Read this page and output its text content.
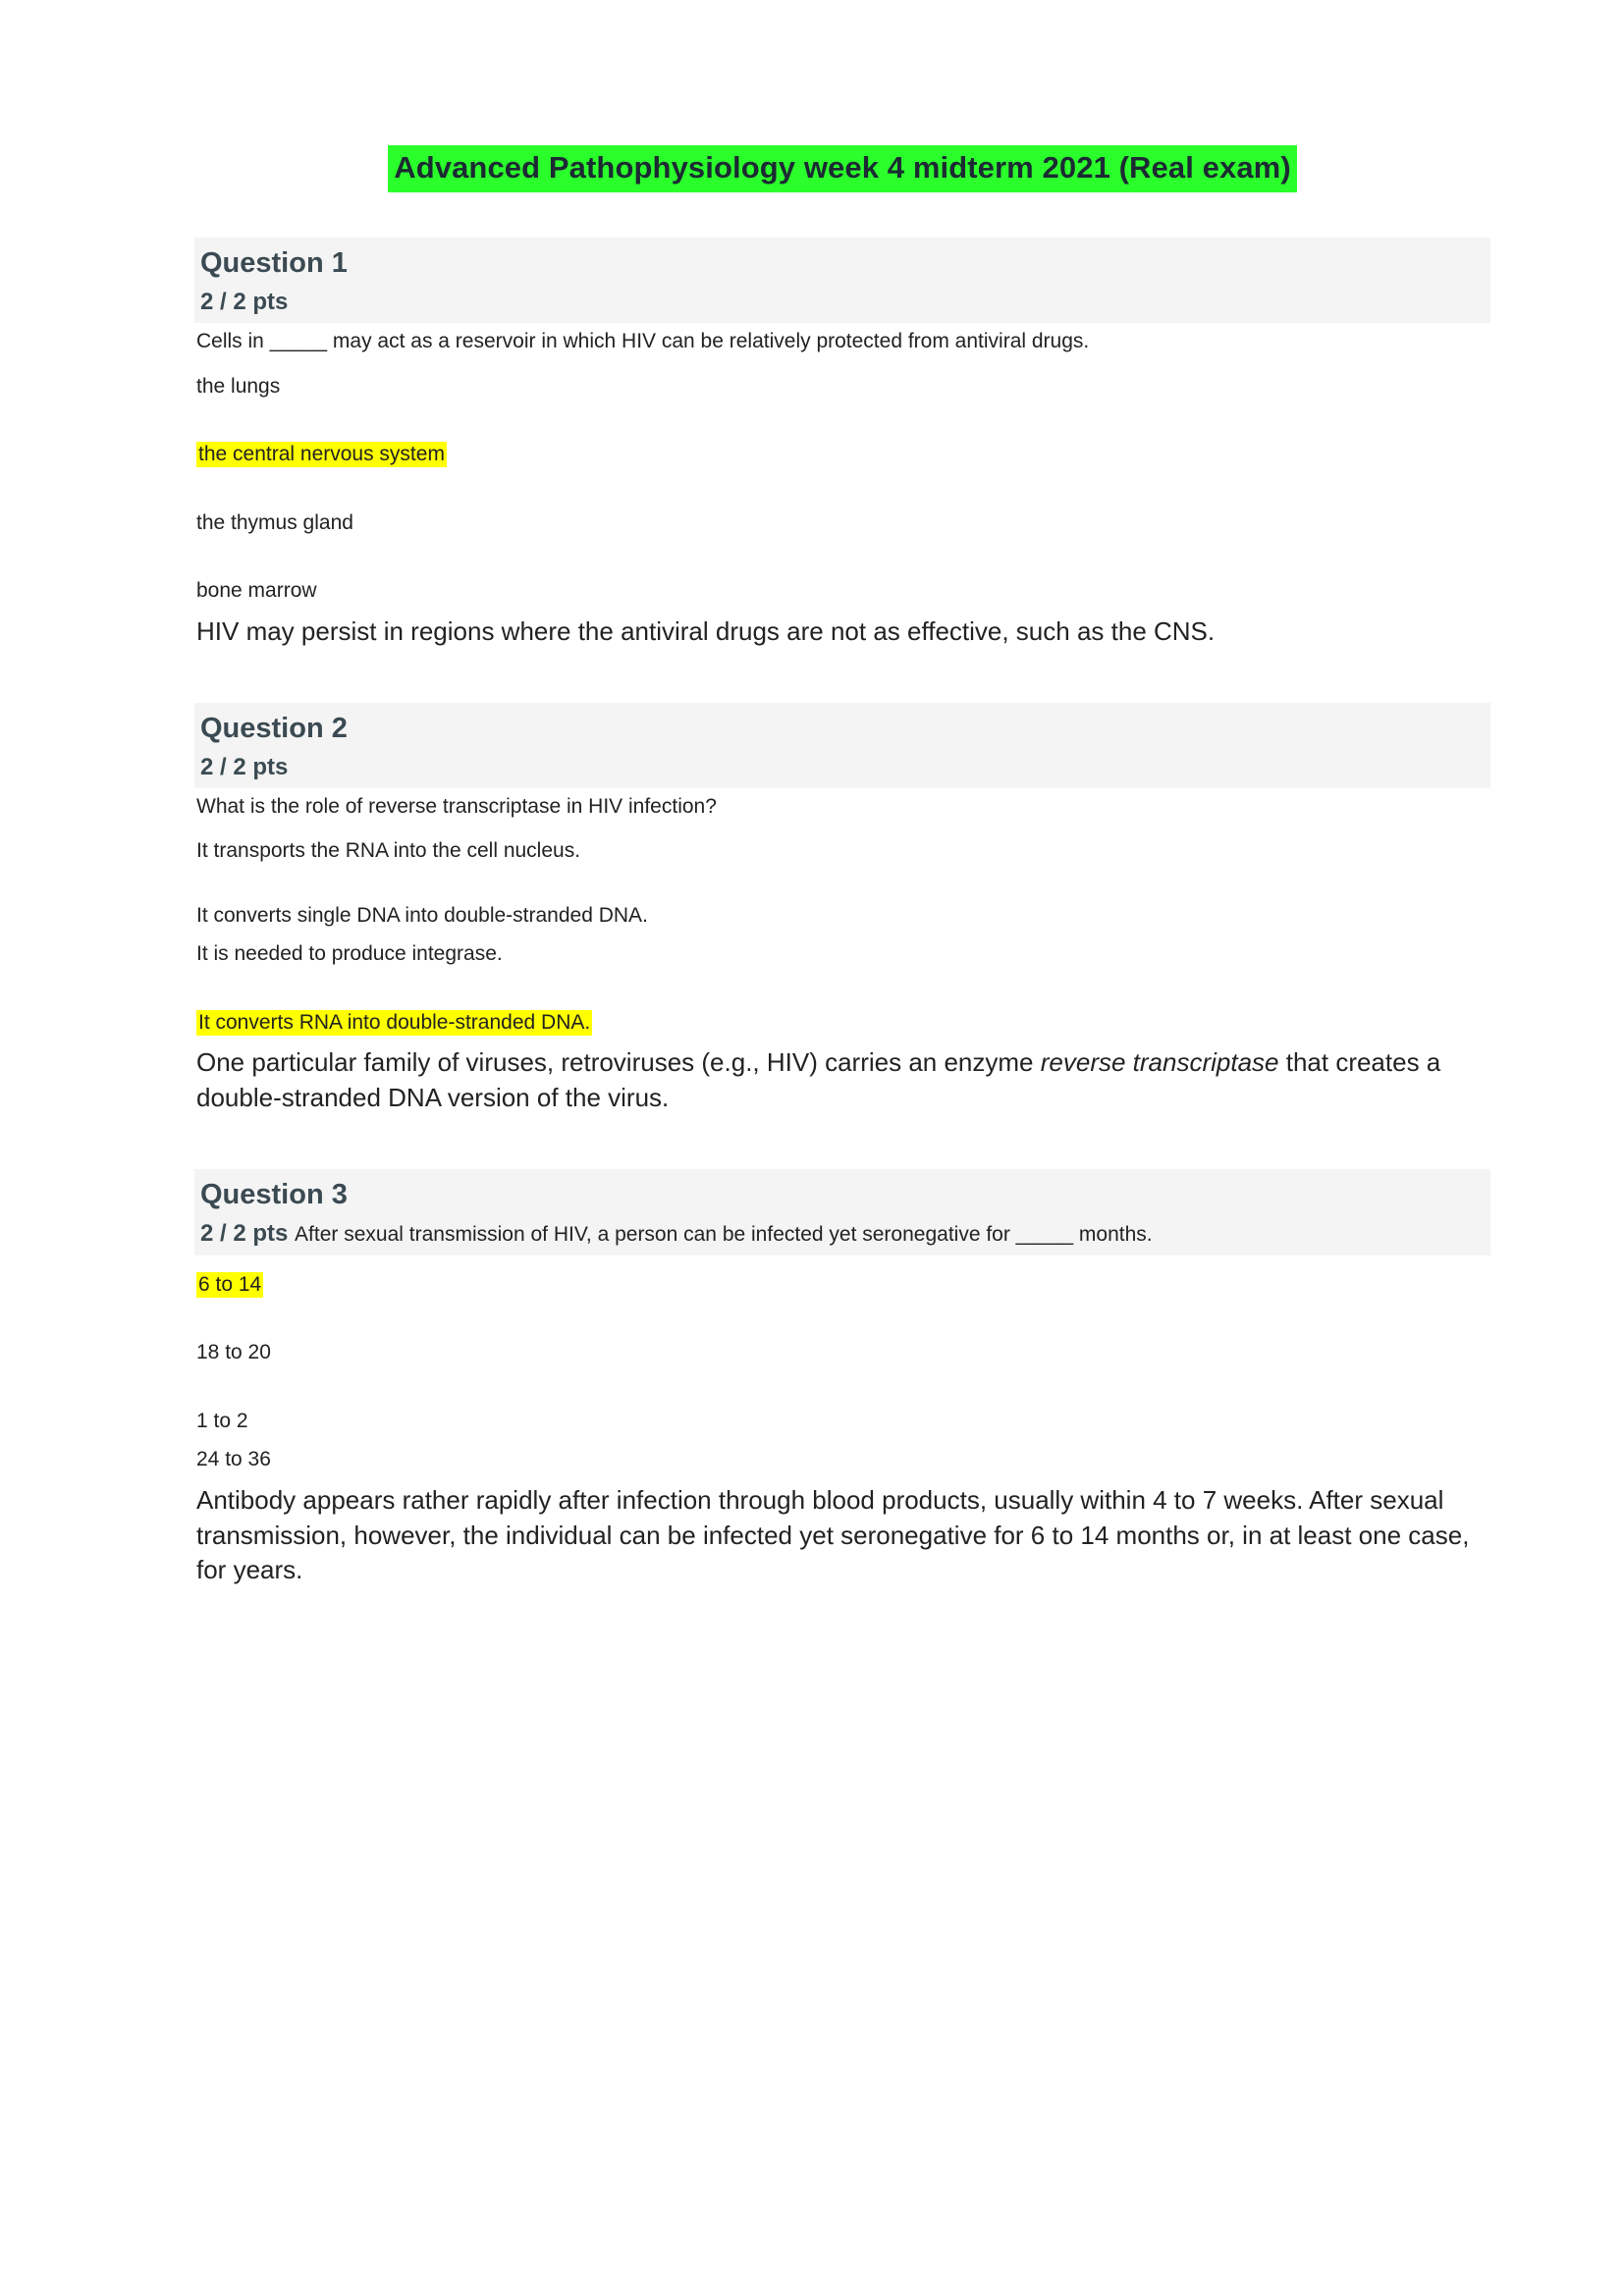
Advanced Pathophysiology week 4 midterm 2021 (Real exam)

Question 1

2 / 2 pts

Cells in _____ may act as a reservoir in which HIV can be relatively protected from antiviral drugs.

the lungs

the central nervous system

the thymus gland

bone marrow

HIV may persist in regions where the antiviral drugs are not as effective, such as the CNS.

Question 2

2 / 2 pts

What is the role of reverse transcriptase in HIV infection?

It transports the RNA into the cell nucleus.

It converts single DNA into double-stranded DNA.

It is needed to produce integrase.

It converts RNA into double-stranded DNA.

One particular family of viruses, retroviruses (e.g., HIV) carries an enzyme reverse transcriptase that creates a double-stranded DNA version of the virus.

Question 3

2 / 2 pts After sexual transmission of HIV, a person can be infected yet seronegative for _____ months.

6 to 14

18 to 20

1 to 2

24 to 36

Antibody appears rather rapidly after infection through blood products, usually within 4 to 7 weeks. After sexual transmission, however, the individual can be infected yet seronegative for 6 to 14 months or, in at least one case, for years.
